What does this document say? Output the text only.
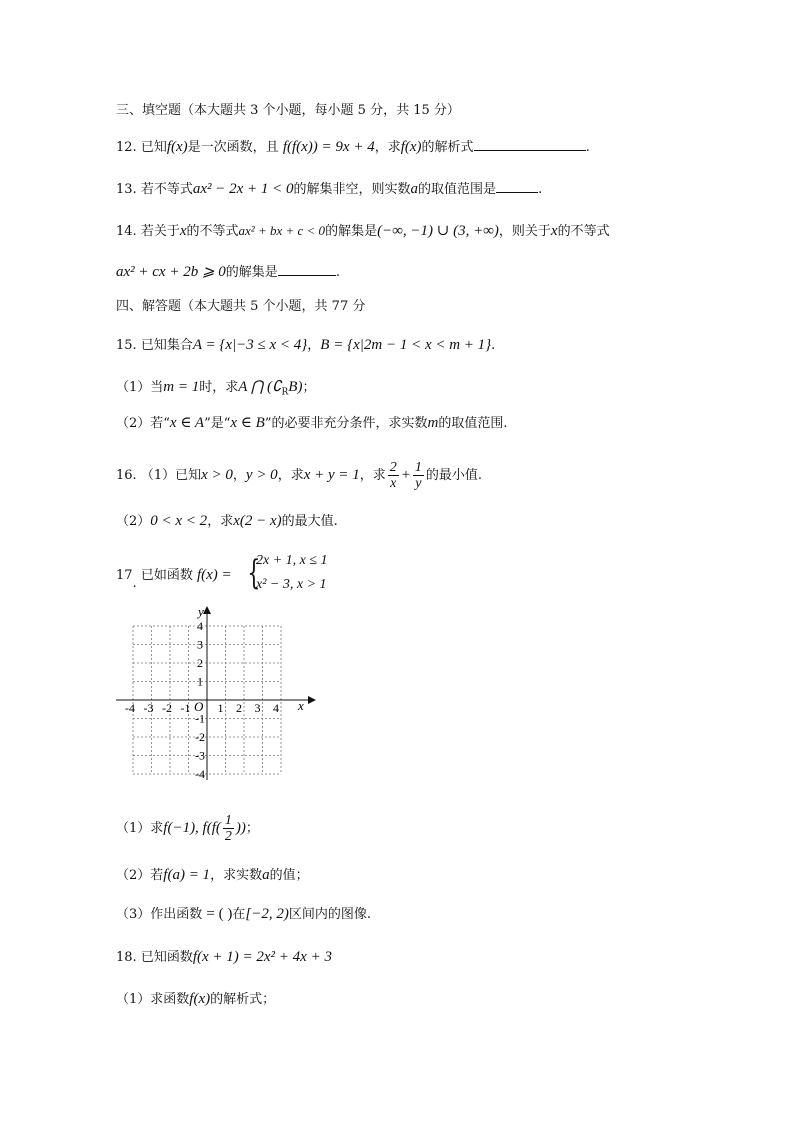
三、填空题（本大题共 3 个小题，每小题 5 分，共 15 分）
12. 已知f(x)是一次函数，且 f(f(x)) = 9x + 4，求f(x)的解析式	.
13. 若不等式ax² − 2x + 1 < 0的解集非空，则实数a的取值范围是	.
14. 若关于x的不等式ax² + bx + c < 0的解集是(−∞, −1) ∪ (3, +∞)，则关于x的不等式
ax² + cx + 2b ⩾ 0的解集是	.
四、解答题（本大题共 5 个小题，共 77 分
15. 已知集合A = {x|−3 ≤ x < 4}，B = {x|2m − 1 < x < m + 1}.
（1）当m = 1时，求A ⋂ $(∁_RB)$；
（2）若“x ∈ A”是“x ∈ B”的必要非充分条件，求实数m的取值范围.
16. （1）已知x > 0，y > 0，求x + y = 1，求 $\frac{2}{x} + \frac{1}{y}$ 的最小值.
（2）0 < x < 2，求x(2 − x)的最大值.
17. 已如函数 f(x) = {
2x + 1, x ≤ 1
x² − 3, x > 1
x
y
O
-4 -3 -2 -1 1 2 3 4
4
3
2
1
-1
-2
-3
-4
（1）求f(−1), $f(f( \frac{1}{2}$ ))；
（2）若f(a) = 1，求实数a的值；
（3）作出函数 = ( )在[−2, 2)区间内的图像.
18. 已知函数f(x + 1) = 2x² + 4x + 3
（1）求函数f(x)的解析式；
